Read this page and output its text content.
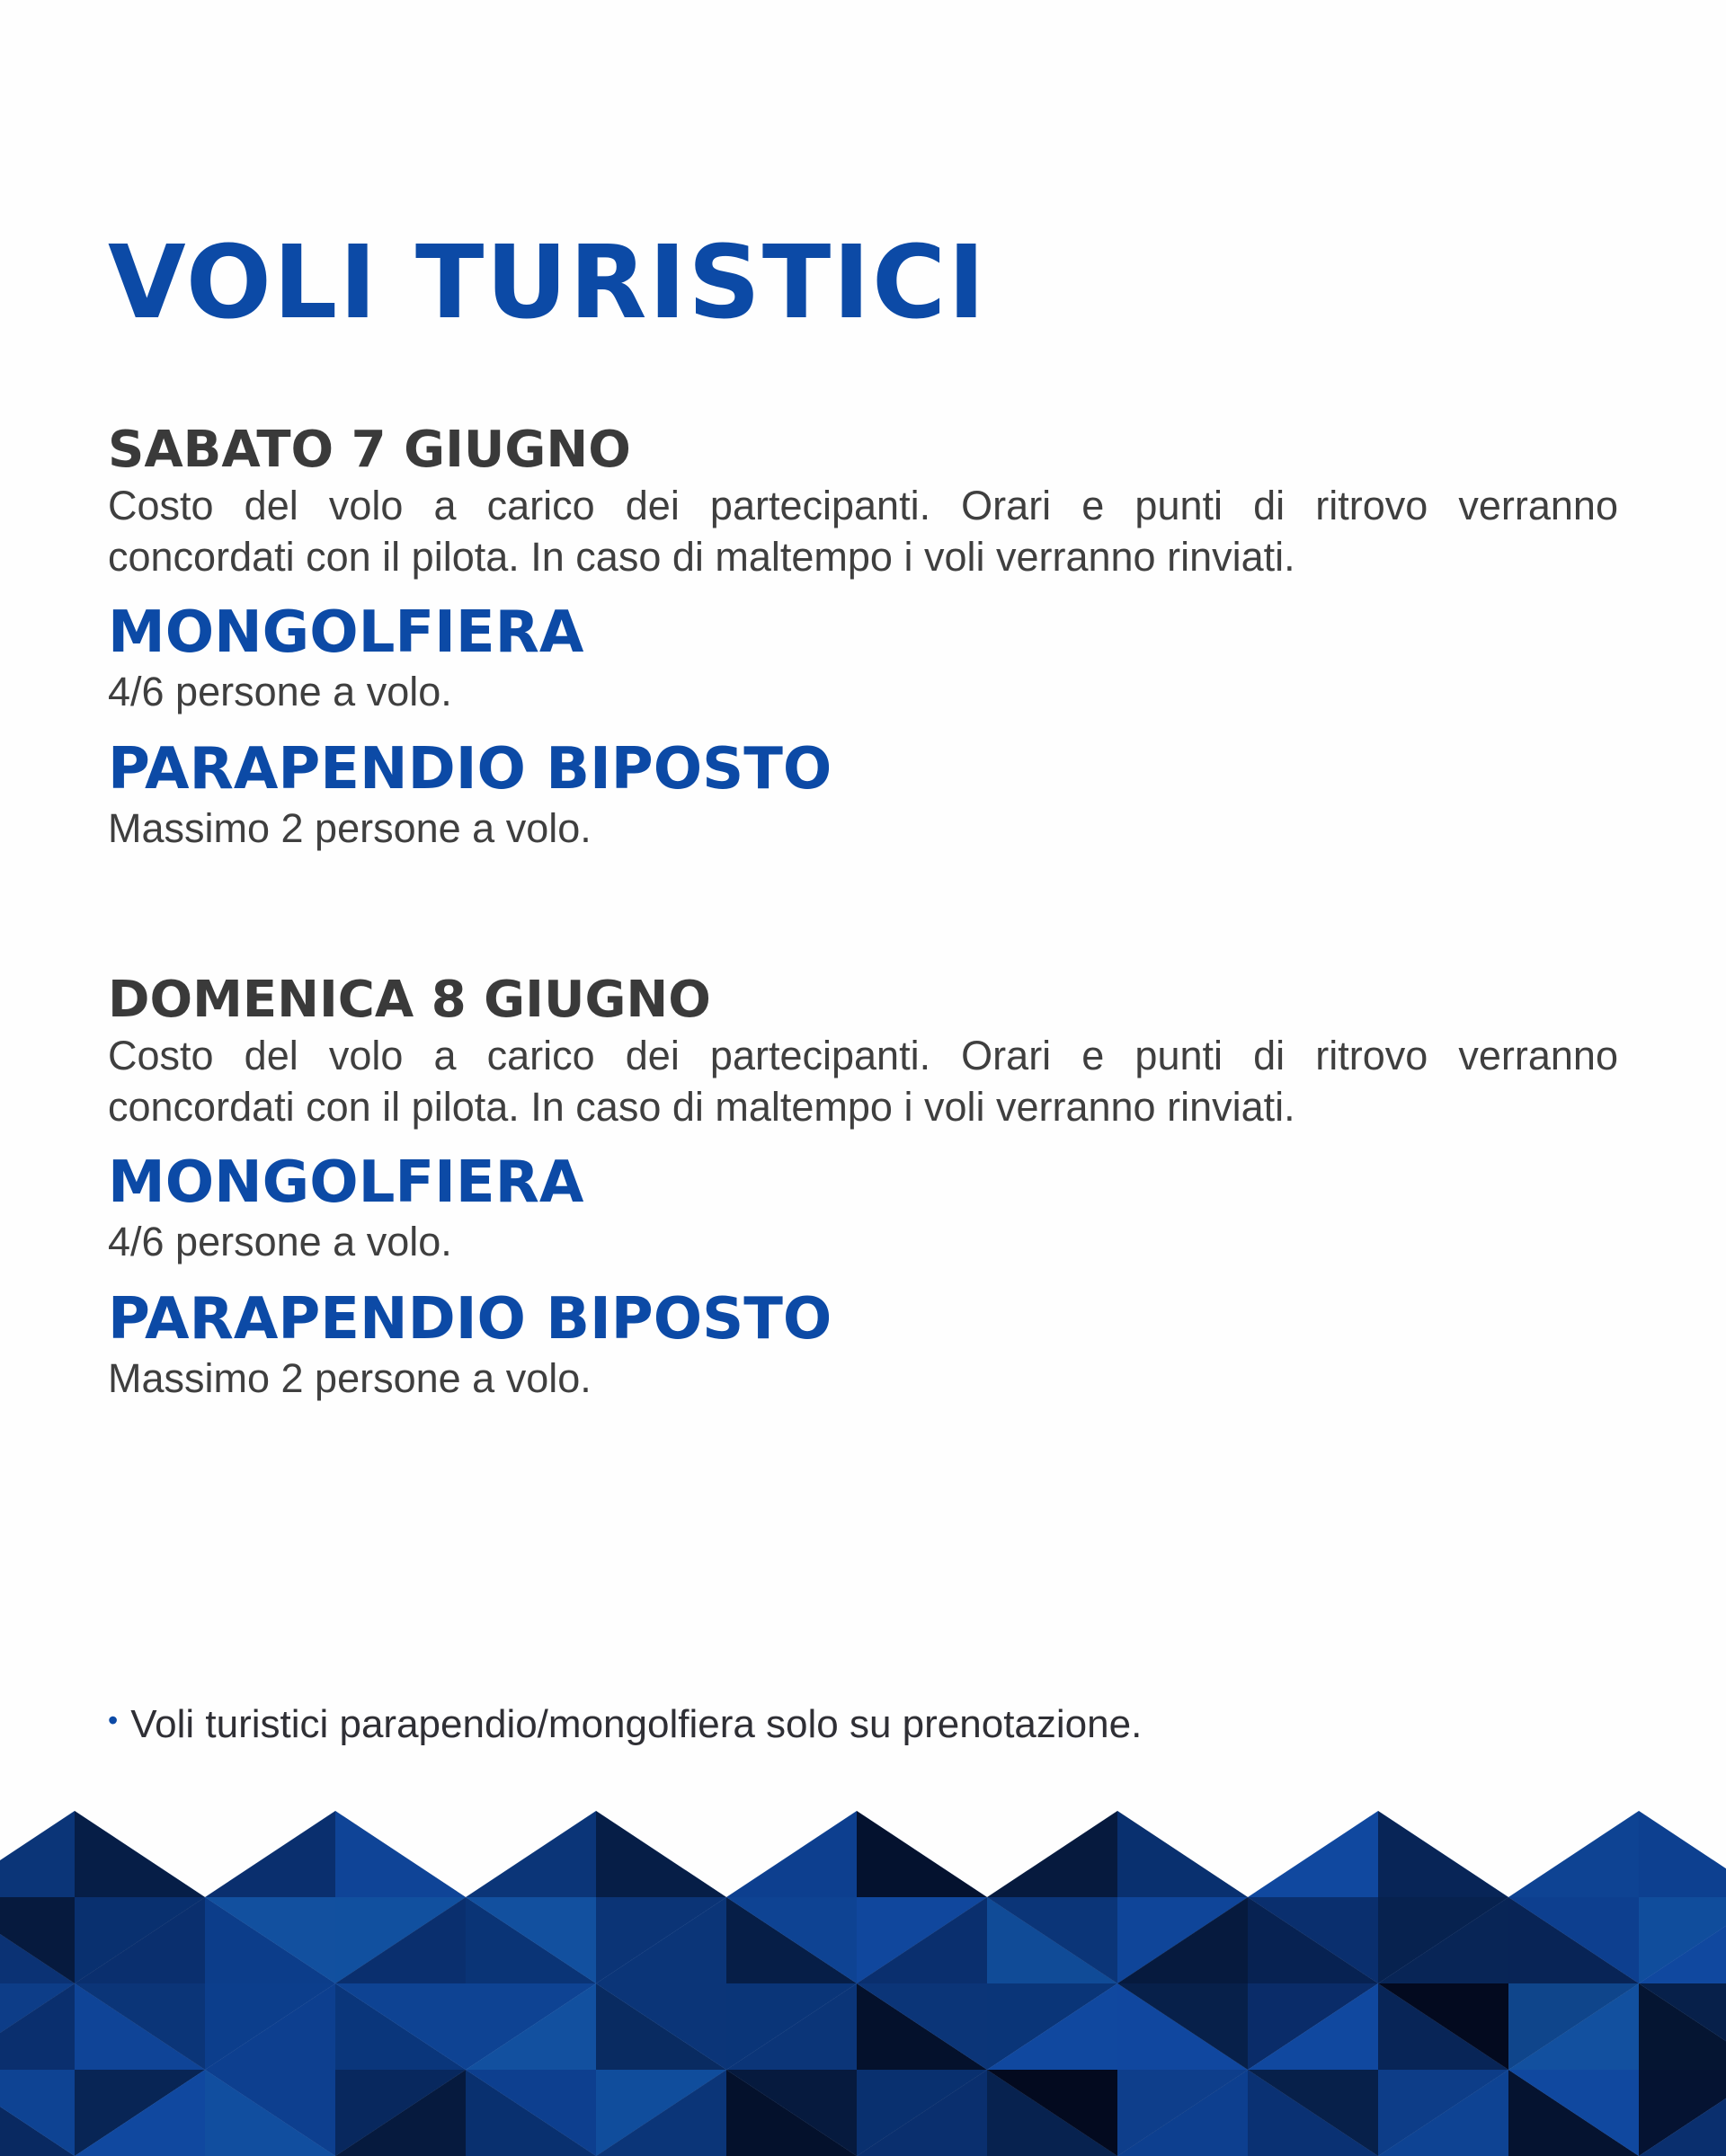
VOLI TURISTICI
SABATO 7 GIUGNO

Costo del volo a carico dei partecipanti. Orari e punti di ritrovo verranno
concordati con il pilota. In caso di maltempo i voli verranno rinviati.

MONGOLFIERA

4/6 persone a volo.

PARAPENDIO BIPOSTO

Massimo 2 persone a volo.

DOMENICA 8 GIUGNO

Costo del volo a carico dei partecipanti. Orari e punti di ritrovo verranno
concordati con il pilota. In caso di maltempo i voli verranno rinviati.

MONGOLFIERA

4/6 persone a volo.

PARAPENDIO BIPOSTO

Massimo 2 persone a volo.

• Voli turistici parapendio/mongolfiera solo su prenotazione.
